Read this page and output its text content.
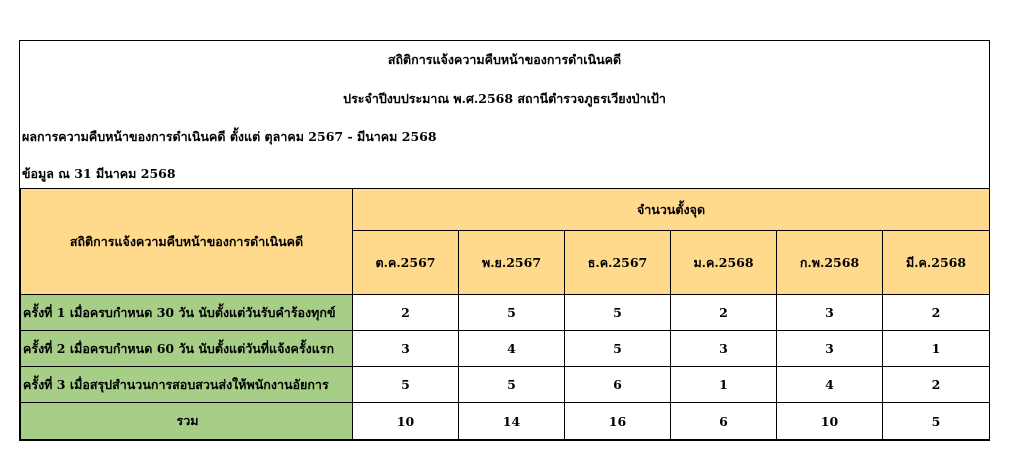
สถิติการแจ้งความคืบหน้าของการดำเนินคดี
ประจำปีงบประมาณ พ.ศ.2568 สถานีตำรวจภูธรเวียงป่าเป้า
ผลการความคืบหน้าของการดำเนินคดี ตั้งแต่ ตุลาคม 2567 - มีนาคม 2568
ข้อมูล ณ 31 มีนาคม 2568
สถิติการแจ้งความคืบหน้าของการดำเนินคดี	จำนวนตั้งจุด					
	ต.ค.2567	พ.ย.2567	ธ.ค.2567	ม.ค.2568	ก.พ.2568	มี.ค.2568
ครั้งที่ 1 เมื่อครบกำหนด 30 วัน นับตั้งแต่วันรับคำร้องทุกข์	2	5	5	2	3	2
ครั้งที่ 2 เมื่อครบกำหนด 60 วัน นับตั้งแต่วันที่แจ้งครั้งแรก	3	4	5	3	3	1
ครั้งที่ 3 เมื่อสรุปสำนวนการสอบสวนส่งให้พนักงานอัยการ	5	5	6	1	4	2
รวม	10	14	16	6	10	5
